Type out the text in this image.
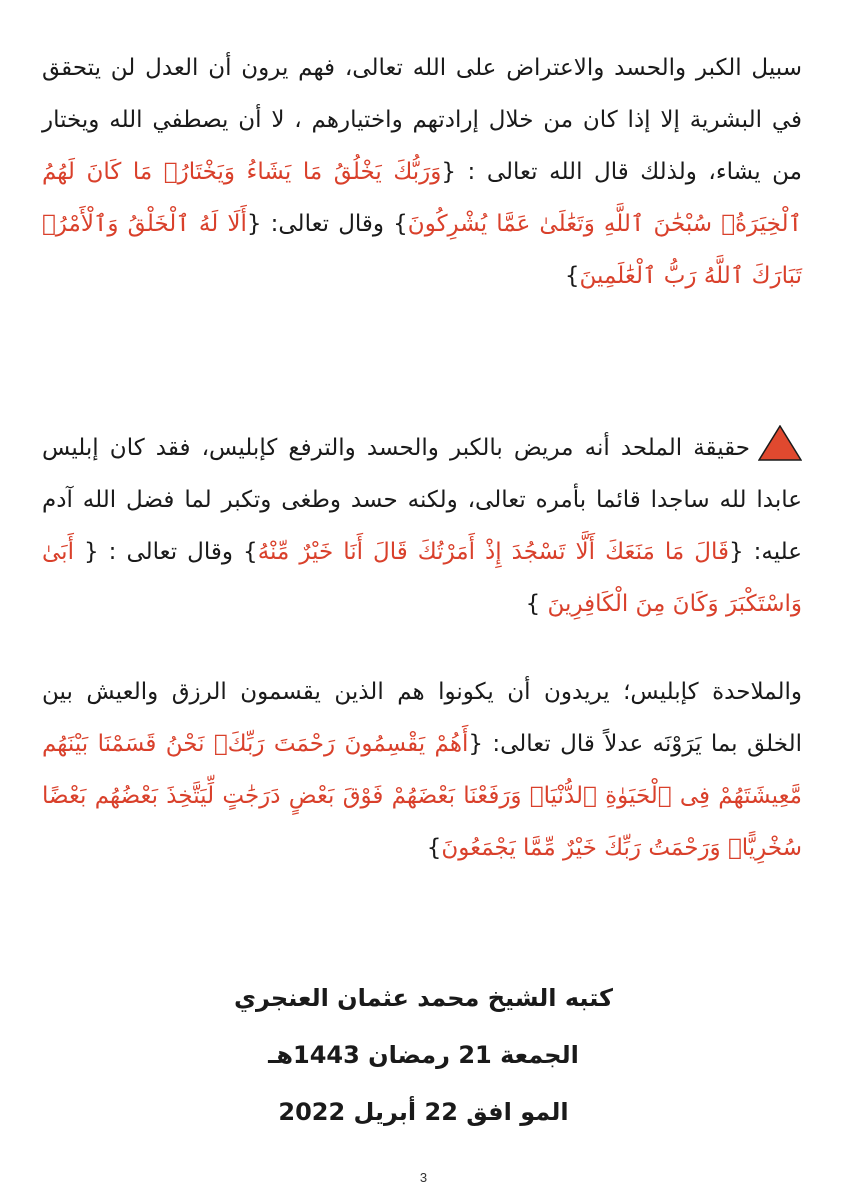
سبيل الكبر والحسد والاعتراض على الله تعالى، فهم يرون أن العدل لن يتحقق في البشرية إلا إذا كان من خلال إرادتهم واختيارهم ، لا أن يصطفي الله ويختار من يشاء، ولذلك قال الله تعالى : {وَرَبُّكَ يَخْلُقُ مَا يَشَاءُ وَيَخْتَارُۗ مَا كَانَ لَهُمُ ٱلْخِيَرَةُۚ سُبْحَٰنَ ٱللَّهِ وَتَعَٰلَىٰ عَمَّا يُشْرِكُونَ} وقال تعالى: {أَلَا لَهُ ٱلْخَلْقُ وَٱلْأَمْرُۗ تَبَارَكَ ٱللَّهُ رَبُّ ٱلْعَٰلَمِينَ}
حقيقة الملحد أنه مريض بالكبر والحسد والترفع كإبليس، فقد كان إبليس عابدا لله ساجدا قائما بأمره تعالى، ولكنه حسد وطغى وتكبر لما فضل الله آدم عليه: {قَالَ مَا مَنَعَكَ أَلَّا تَسْجُدَ إِذْ أَمَرْتُكَ قَالَ أَنَا خَيْرٌ مِّنْهُ} وقال تعالى : { أَبَىٰ وَاسْتَكْبَرَ وَكَانَ مِنَ الْكَافِرِينَ }
والملاحدة كإبليس؛ يريدون أن يكونوا هم الذين يقسمون الرزق والعيش بين الخلق بما يَرَوْنَه عدلاً قال تعالى: {أَهُمْ يَقْسِمُونَ رَحْمَتَ رَبِّكَۚ نَحْنُ قَسَمْنَا بَيْنَهُم مَّعِيشَتَهُمْ فِى ٱلْحَيَوٰةِ ٱلدُّنْيَاۚ وَرَفَعْنَا بَعْضَهُمْ فَوْقَ بَعْضٍ دَرَجَٰتٍ لِّيَتَّخِذَ بَعْضُهُم بَعْضًا سُخْرِيًّاۗ وَرَحْمَتُ رَبِّكَ خَيْرٌ مِّمَّا يَجْمَعُونَ}
كتبه الشيخ محمد عثمان العنجري
الجمعة 21 رمضان 1443هـ
المو افق 22 أبريل 2022
3
